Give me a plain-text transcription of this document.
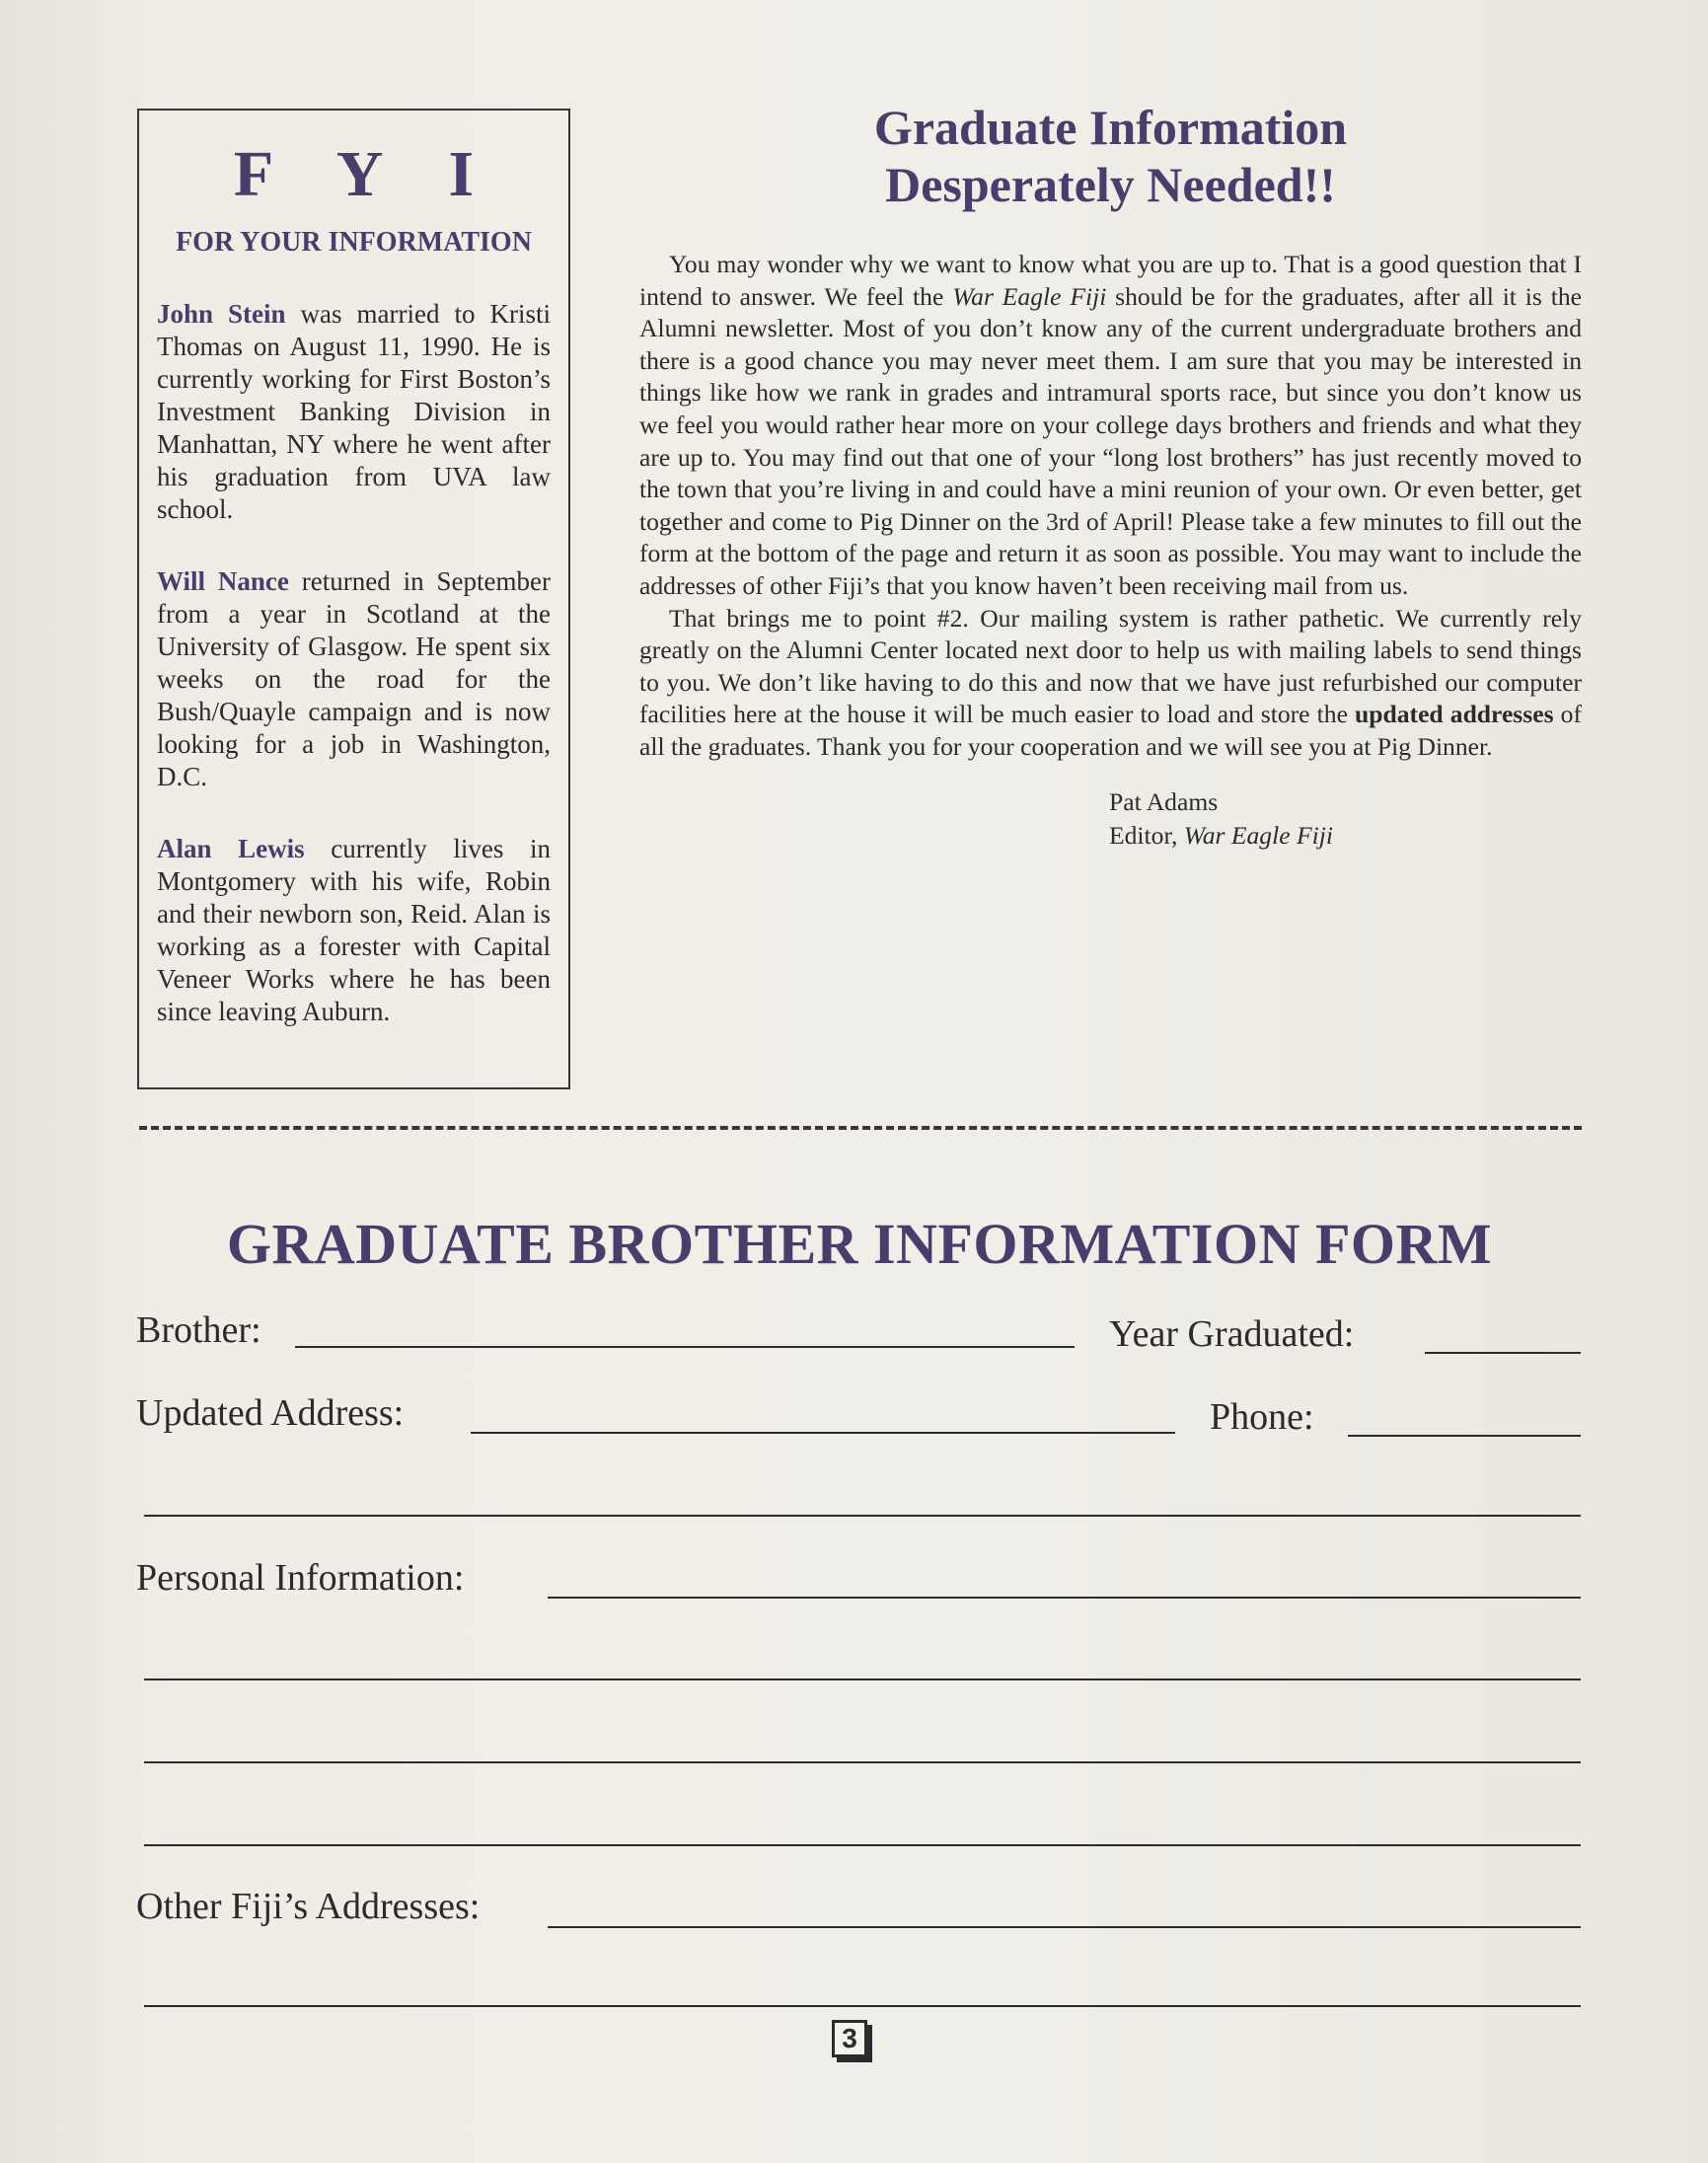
F Y I
FOR YOUR INFORMATION
John Stein was married to Kristi Thomas on August 11, 1990. He is currently working for First Boston’s Investment Banking Division in Manhattan, NY where he went after his graduation from UVA law school.
Will Nance returned in September from a year in Scotland at the University of Glasgow. He spent six weeks on the road for the Bush/Quayle campaign and is now looking for a job in Washington, D.C.
Alan Lewis currently lives in Montgomery with his wife, Robin and their newborn son, Reid. Alan is working as a forester with Capital Veneer Works where he has been since leaving Auburn.
Graduate Information
Desperately Needed!!

You may wonder why we want to know what you are up to. That is a good question that I intend to answer. We feel the War Eagle Fiji should be for the graduates, after all it is the Alumni newsletter. Most of you don’t know any of the current undergraduate brothers and there is a good chance you may never meet them. I am sure that you may be interested in things like how we rank in grades and intramural sports race, but since you don’t know us we feel you would rather hear more on your college days brothers and friends and what they are up to. You may find out that one of your “long lost brothers” has just recently moved to the town that you’re living in and could have a mini reunion of your own. Or even better, get together and come to Pig Dinner on the 3rd of April! Please take a few minutes to fill out the form at the bottom of the page and return it as soon as possible. You may want to include the addresses of other Fiji’s that you know haven’t been receiving mail from us.

That brings me to point #2. Our mailing system is rather pathetic. We currently rely greatly on the Alumni Center located next door to help us with mailing labels to send things to you. We don’t like having to do this and now that we have just refurbished our computer facilities here at the house it will be much easier to load and store the updated addresses of all the graduates. Thank you for your cooperation and we will see you at Pig Dinner.

Pat Adams
Editor, War Eagle Fiji
GRADUATE BROTHER INFORMATION FORM
Brother:	Year Graduated:
Updated Address:	Phone:
Personal Information:
Other Fiji’s Addresses:
3
